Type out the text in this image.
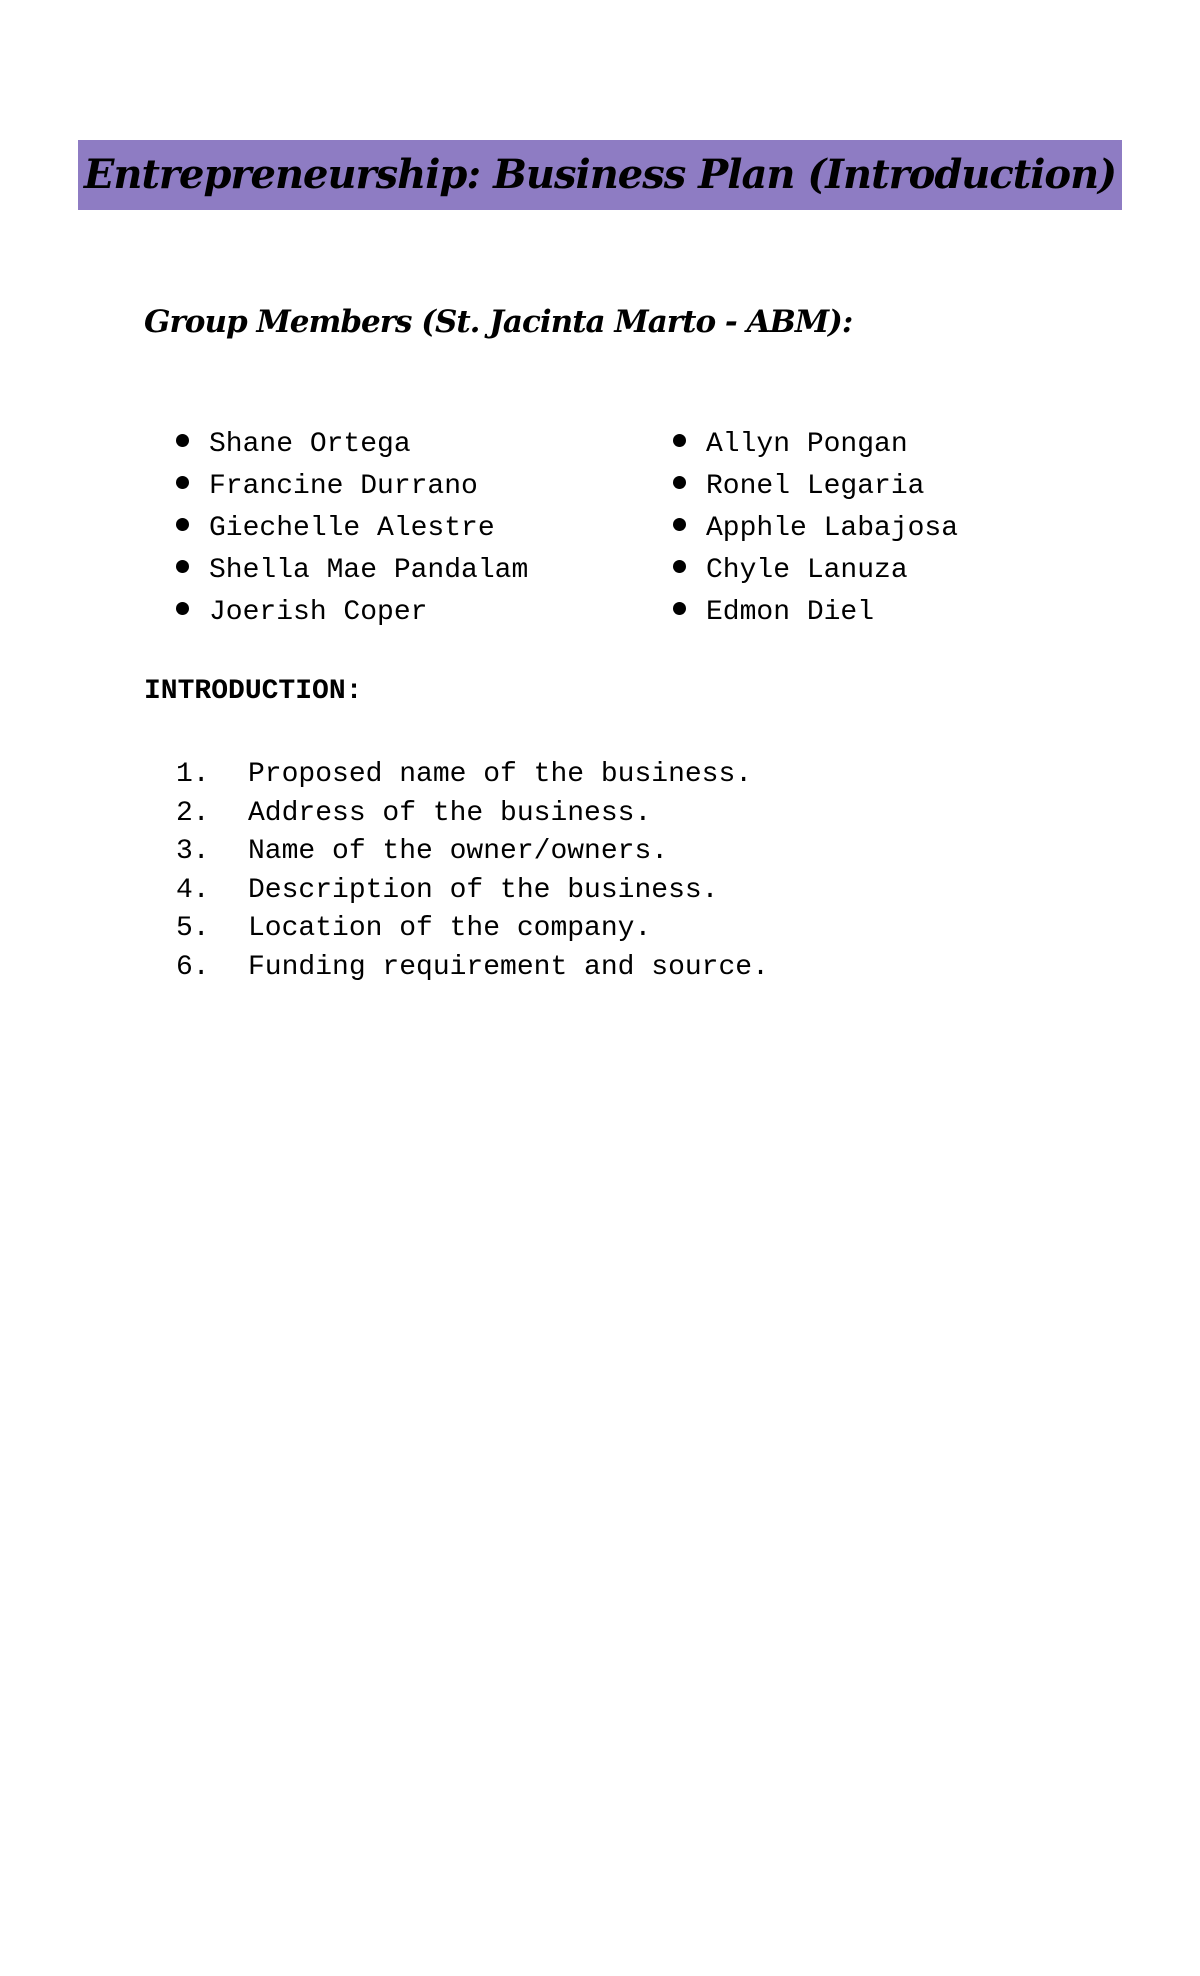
Entrepreneurship: Business Plan (Introduction)
Group Members (St. Jacinta Marto - ABM):
Shane Ortega
Francine Durrano
Giechelle Alestre
Shella Mae Pandalam
Joerish Coper
Allyn Pongan
Ronel Legaria
Apphle Labajosa
Chyle Lanuza
Edmon Diel
INTRODUCTION:
1. Proposed name of the business.
2. Address of the business.
3. Name of the owner/owners.
4. Description of the business.
5. Location of the company.
6. Funding requirement and source.
